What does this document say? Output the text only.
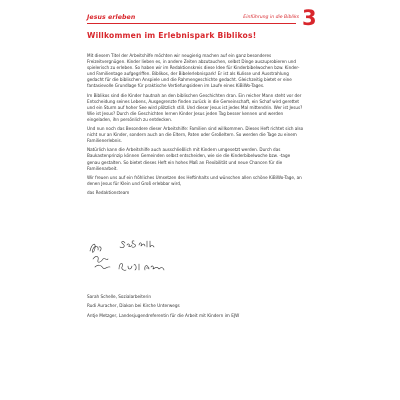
Jesus erleben	Einführung in die Bibliks 3
Willkommen im Erlebnispark Biblikos!

Mit diesem Titel der Arbeitshilfe möchten wir neugierig machen auf ein ganz besonderes Freizeitvergnügen. Kinder lieben es, in andere Zeiten abzutauchen, selbst Dinge auszuprobieren und spielerisch zu erleben. So haben wir im Redaktionskreis diese Idee für Kinderbibelwochen bzw. Kinder- und Familientage aufgegriffen. Biblikos, der Bibelerlebnispark! Er ist als Kulisse und Ausstrahlung gedacht für die biblischen Anspiele und die Rahmengeschichte gedacht. Gleichzeitig bietet er eine fantasievolle Grundlage für praktische Vertiefungsideen im Laufe eines KiBiWo-Tages.

Im Biblikos sind die Kinder hautnah an den biblischen Geschichten dran. Ein reicher Mann steht vor der Entscheidung seines Lebens, Ausgegrenzte finden zurück in die Gemeinschaft, ein Schaf wird gerettet und ein Sturm auf hoher See wird plötzlich still. Und dieser Jesus ist jedes Mal mittendrin. Wer ist Jesus? Wie ist Jesus? Durch die Geschichten lernen Kinder Jesus jeden Tag besser kennen und werden eingeladen, ihn persönlich zu entdecken.

Und nun noch das Besondere dieser Arbeitshilfe: Familien sind willkommen. Dieses Heft richtet sich also nicht nur an Kinder, sondern auch an die Eltern, Paten oder Großeltern. So werden die Tage zu einem Familienerlebnis.

Natürlich kann die Arbeitshilfe auch ausschließlich mit Kindern umgesetzt werden. Durch das Baukastenprinzip können Gemeinden selbst entscheiden, wie sie die Kinderbibelwoche bzw. -tage genau gestalten. So bietet dieses Heft ein hohes Maß an Flexibilität und neue Chancen für die Familienarbeit.

Wir freuen uns auf ein fröhliches Umsetzen des Heftinhalts und wünschen allen schöne KiBiWo-Tage, an denen Jesus für Klein und Groß erlebbar wird,

das Redaktionsteam

Sarah Schelle, Sozialarbeiterin
Rudi Auracher, Diakon bei Kirche Unterwegs
Antje Metzger, Landesjugendreferentin für die Arbeit mit Kindern im EJW
